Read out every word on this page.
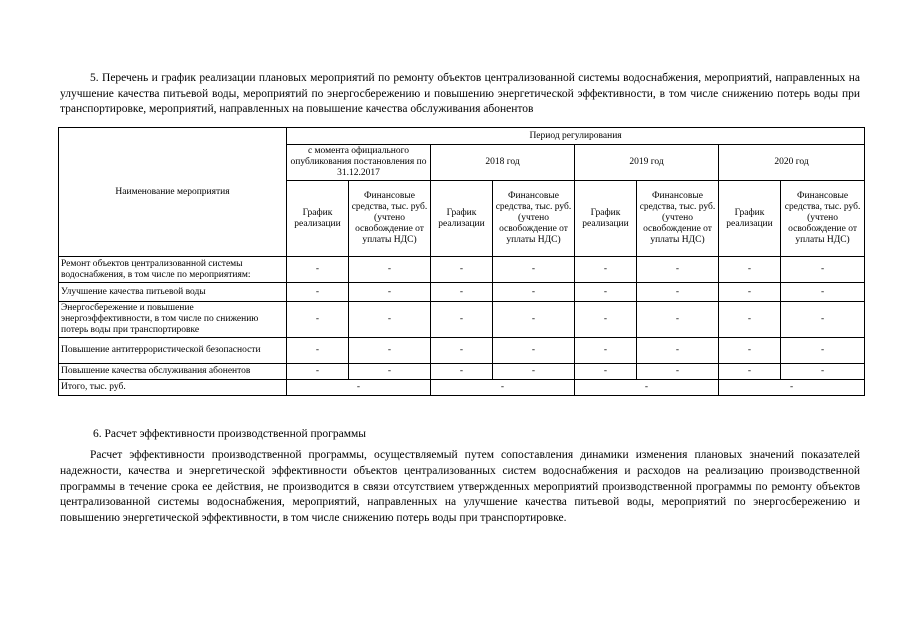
5. Перечень и график реализации плановых мероприятий по ремонту объектов централизованной системы водоснабжения, мероприятий, направленных на улучшение качества питьевой воды, мероприятий по энергосбережению и повышению энергетической эффективности, в том числе снижению потерь воды при транспортировке, мероприятий, направленных на повышение качества обслуживания абонентов
Наименование мероприятия	Период регулирования							
	с момента официального опубликования постановления по 31.12.2017		2018 год		2019 год		2020 год	
	График реализации	Финансовые средства, тыс. руб. (учтено освобождение от уплаты НДС)	График реализации	Финансовые средства, тыс. руб. (учтено освобождение от уплаты НДС)	График реализации	Финансовые средства, тыс. руб. (учтено освобождение от уплаты НДС)	График реализации	Финансовые средства, тыс. руб. (учтено освобождение от уплаты НДС)
Ремонт объектов централизованной системы водоснабжения, в том числе по мероприятиям:	-	-	-	-	-	-	-	-
Улучшение качества питьевой воды	-	-	-	-	-	-	-	-
Энергосбережение и повышение энергоэффективности, в том числе по снижению потерь воды при транспортировке	-	-	-	-	-	-	-	-
Повышение антитеррористической безопасности	-	-	-	-	-	-	-	-
Повышение качества обслуживания абонентов	-	-	-	-	-	-	-	-
Итого, тыс. руб.	-		-		-		-	
6. Расчет эффективности производственной программы
Расчет эффективности производственной программы, осуществляемый путем сопоставления динамики изменения плановых значений показателей надежности, качества и энергетической эффективности объектов централизованных систем водоснабжения и расходов на реализацию производственной программы в течение срока ее действия, не производится в связи отсутствием утвержденных мероприятий производственной программы по ремонту объектов централизованной системы водоснабжения, мероприятий, направленных на улучшение качества питьевой воды, мероприятий по энергосбережению и повышению энергетической эффективности, в том числе снижению потерь воды при транспортировке.
